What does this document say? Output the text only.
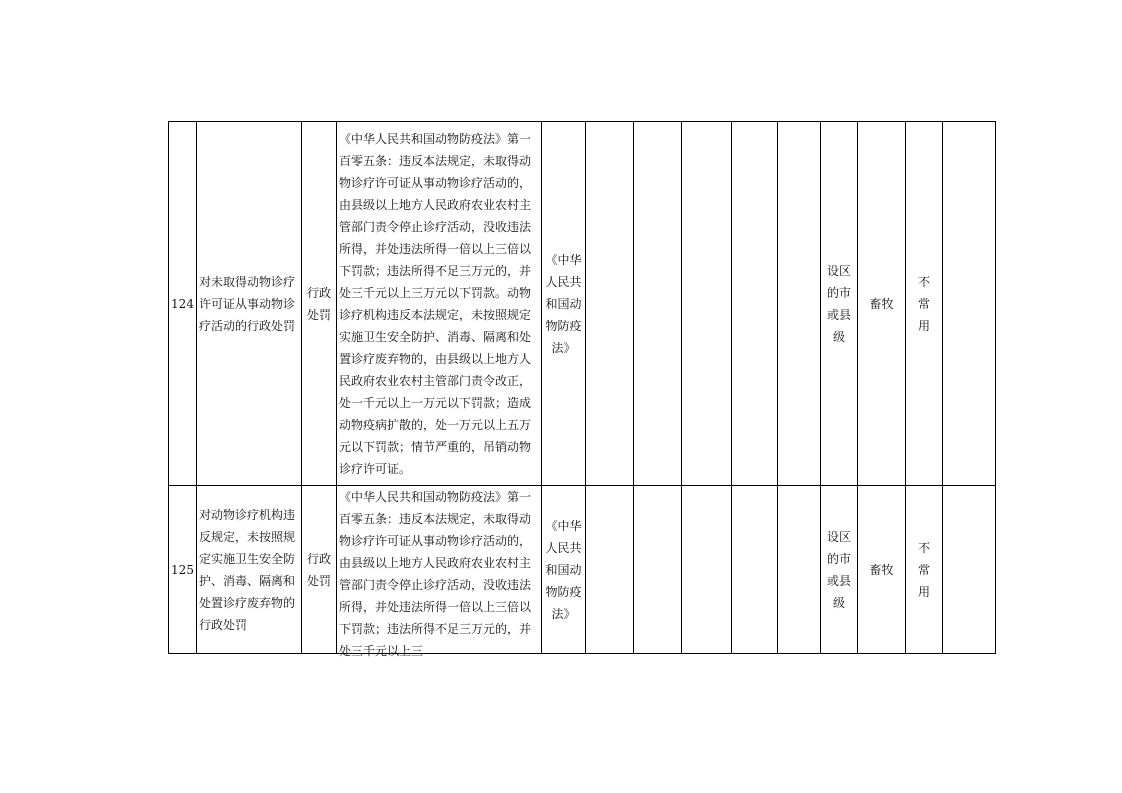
124	对未取得动物诊疗许可证从事动物诊疗活动的行政处罚	行政处罚	《中华人民共和国动物防疫法》第一百零五条：违反本法规定，未取得动物诊疗许可证从事动物诊疗活动的，由县级以上地方人民政府农业农村主管部门责令停止诊疗活动，没收违法所得，并处违法所得一倍以上三倍以下罚款；违法所得不足三万元的，并处三千元以上三万元以下罚款。动物诊疗机构违反本法规定，未按照规定实施卫生安全防护、消毒、隔离和处置诊疗废弃物的，由县级以上地方人民政府农业农村主管部门责令改正，处一千元以上一万元以下罚款；造成动物疫病扩散的，处一万元以上五万元以下罚款；情节严重的，吊销动物诊疗许可证。	《中华人民共和国动物防疫法》						设区的市或县级	畜牧	不常用	
125	对动物诊疗机构违反规定，未按照规定实施卫生安全防护、消毒、隔离和处置诊疗废弃物的行政处罚	行政处罚	《中华人民共和国动物防疫法》第一百零五条：违反本法规定，未取得动物诊疗许可证从事动物诊疗活动的，由县级以上地方人民政府农业农村主管部门责令停止诊疗活动，没收违法所得，并处违法所得一倍以上三倍以下罚款；违法所得不足三万元的，并处三千元以上三	《中华人民共和国动物防疫法》						设区的市或县级	畜牧	不常用	
